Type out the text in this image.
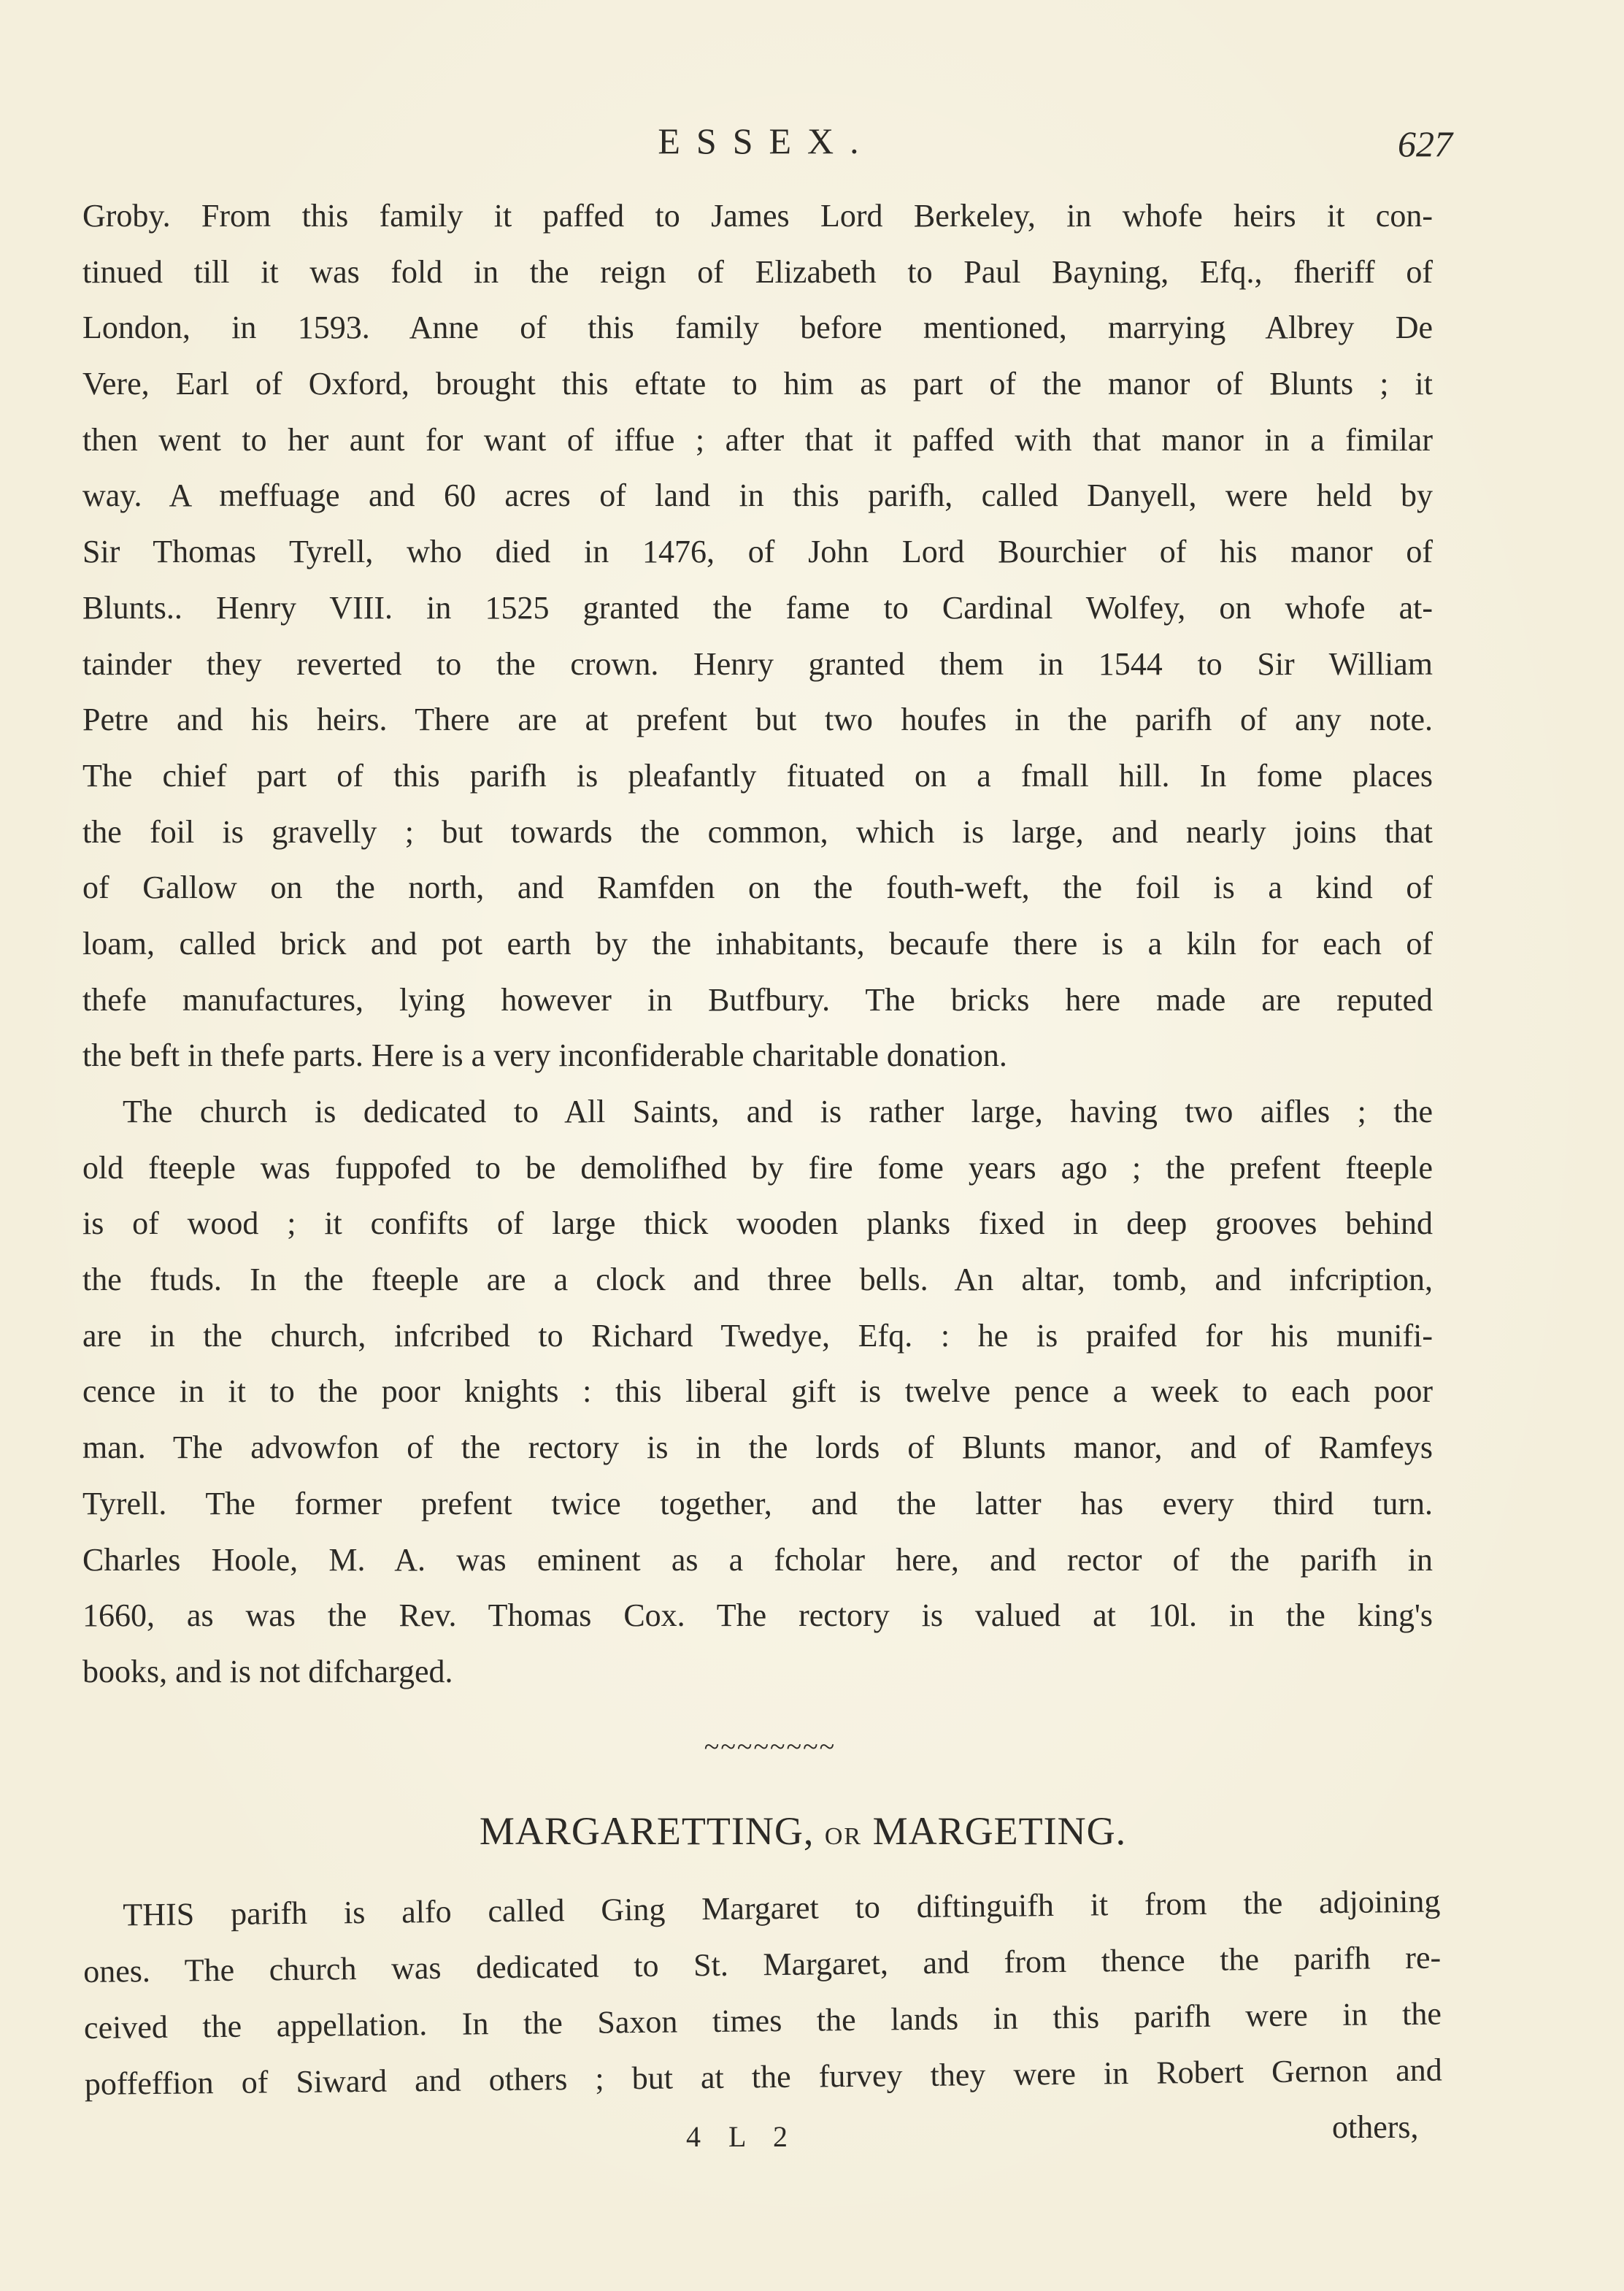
ESSEX.	627
Groby. From this family it paffed to James Lord Berkeley, in whofe heirs it con-
tinued till it was fold in the reign of Elizabeth to Paul Bayning, Efq., fheriff of
London, in 1593. Anne of this family before mentioned, marrying Albrey De
Vere, Earl of Oxford, brought this eftate to him as part of the manor of Blunts ; it
then went to her aunt for want of iffue ; after that it paffed with that manor in a fimilar
way. A meffuage and 60 acres of land in this parifh, called Danyell, were held by
Sir Thomas Tyrell, who died in 1476, of John Lord Bourchier of his manor of
Blunts.. Henry VIII. in 1525 granted the fame to Cardinal Wolfey, on whofe at-
tainder they reverted to the crown. Henry granted them in 1544 to Sir William
Petre and his heirs. There are at prefent but two houfes in the parifh of any note.
The chief part of this parifh is pleafantly fituated on a fmall hill. In fome places
the foil is gravelly ; but towards the common, which is large, and nearly joins that
of Gallow on the north, and Ramfden on the fouth-weft, the foil is a kind of
loam, called brick and pot earth by the inhabitants, becaufe there is a kiln for each of
thefe manufactures, lying however in Butfbury. The bricks here made are reputed
the beft in thefe parts. Here is a very inconfiderable charitable donation.
The church is dedicated to All Saints, and is rather large, having two aifles ; the
old fteeple was fuppofed to be demolifhed by fire fome years ago ; the prefent fteeple
is of wood ; it confifts of large thick wooden planks fixed in deep grooves behind
the ftuds. In the fteeple are a clock and three bells. An altar, tomb, and infcription,
are in the church, infcribed to Richard Twedye, Efq. : he is praifed for his munifi-
cence in it to the poor knights : this liberal gift is twelve pence a week to each poor
man. The advowfon of the rectory is in the lords of Blunts manor, and of Ramfeys
Tyrell. The former prefent twice together, and the latter has every third turn.
Charles Hoole, M. A. was eminent as a fcholar here, and rector of the parifh in
1660, as was the Rev. Thomas Cox. The rectory is valued at 10l. in the king's
books, and is not difcharged.
~~~~~~~~
MARGARETTING, OR MARGETING.
THIS parifh is alfo called Ging Margaret to diftinguifh it from the adjoining
ones. The church was dedicated to St. Margaret, and from thence the parifh re-
ceived the appellation. In the Saxon times the lands in this parifh were in the
poffeffion of Siward and others ; but at the furvey they were in Robert Gernon and
4 L 2	others,
